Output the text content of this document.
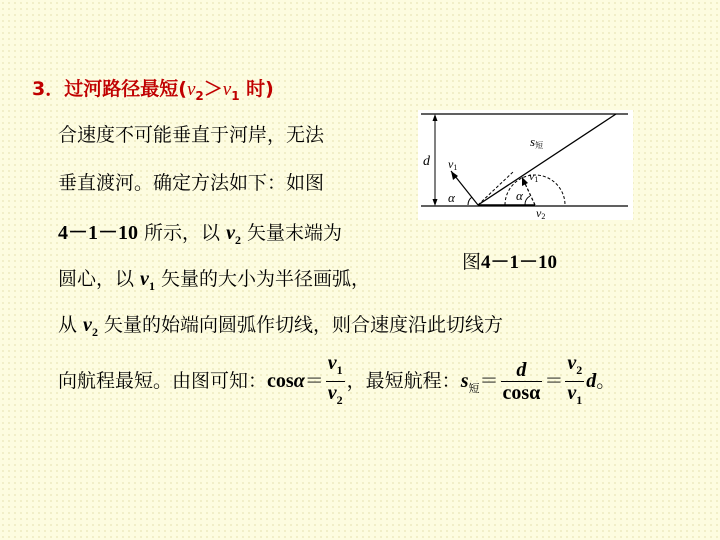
3．过河路径最短($v_2>v_1$ 时)
合速度不可能垂直于河岸，无法
垂直渡河。确定方法如下：如图
4－1－10 所示，以 $v_2$ 矢量末端为
圆心，以 $v_1$ 矢量的大小为半径画弧，
从 $v_2$ 矢量的始端向圆弧作切线，则合速度沿此切线方
向航程最短。由图可知：$\cos\alpha= \frac{v_1}{v_2}$ ，最短航程：$s_短= \frac{d}{\cos\alpha} = \frac{v_2}{v_1}$ d。
s短
d v1
v1
v2
α	α
图4－1－10
